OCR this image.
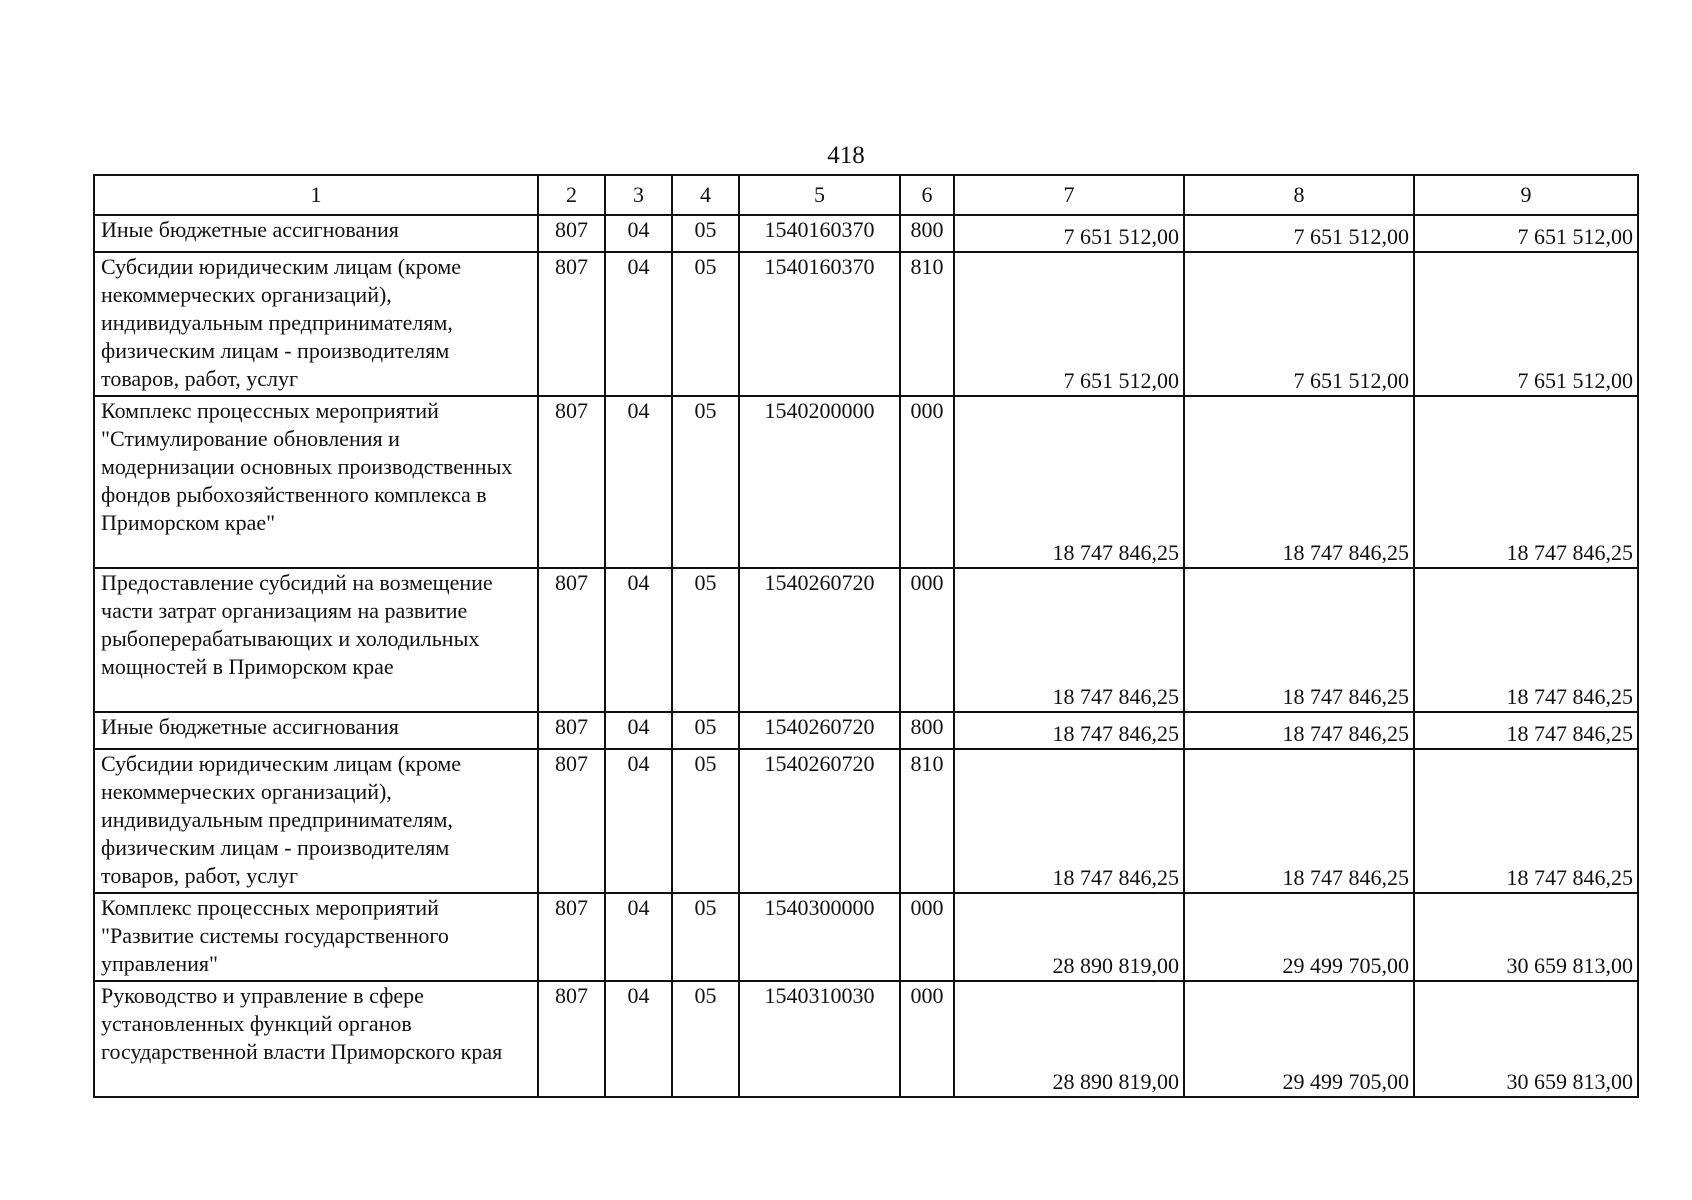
418
1	2	3	4	5	6	7	8	9
Иные бюджетные ассигнования	807	04	05	1540160370	800	7 651 512,00	7 651 512,00	7 651 512,00
Субсидии юридическим лицам (кроме некоммерческих организаций), индивидуальным предпринимателям, физическим лицам - производителям товаров, работ, услуг	807	04	05	1540160370	810	7 651 512,00	7 651 512,00	7 651 512,00
Комплекс процессных мероприятий "Стимулирование обновления и модернизации основных производственных фондов рыбохозяйственного комплекса в Приморском крае"	807	04	05	1540200000	000	18 747 846,25	18 747 846,25	18 747 846,25
Предоставление субсидий на возмещение части затрат организациям на развитие рыбоперерабатывающих и холодильных мощностей в Приморском крае	807	04	05	1540260720	000	18 747 846,25	18 747 846,25	18 747 846,25
Иные бюджетные ассигнования	807	04	05	1540260720	800	18 747 846,25	18 747 846,25	18 747 846,25
Субсидии юридическим лицам (кроме некоммерческих организаций), индивидуальным предпринимателям, физическим лицам - производителям товаров, работ, услуг	807	04	05	1540260720	810	18 747 846,25	18 747 846,25	18 747 846,25
Комплекс процессных мероприятий "Развитие системы государственного управления"	807	04	05	1540300000	000	28 890 819,00	29 499 705,00	30 659 813,00
Руководство и управление в сфере установленных функций органов государственной власти Приморского края	807	04	05	1540310030	000	28 890 819,00	29 499 705,00	30 659 813,00
